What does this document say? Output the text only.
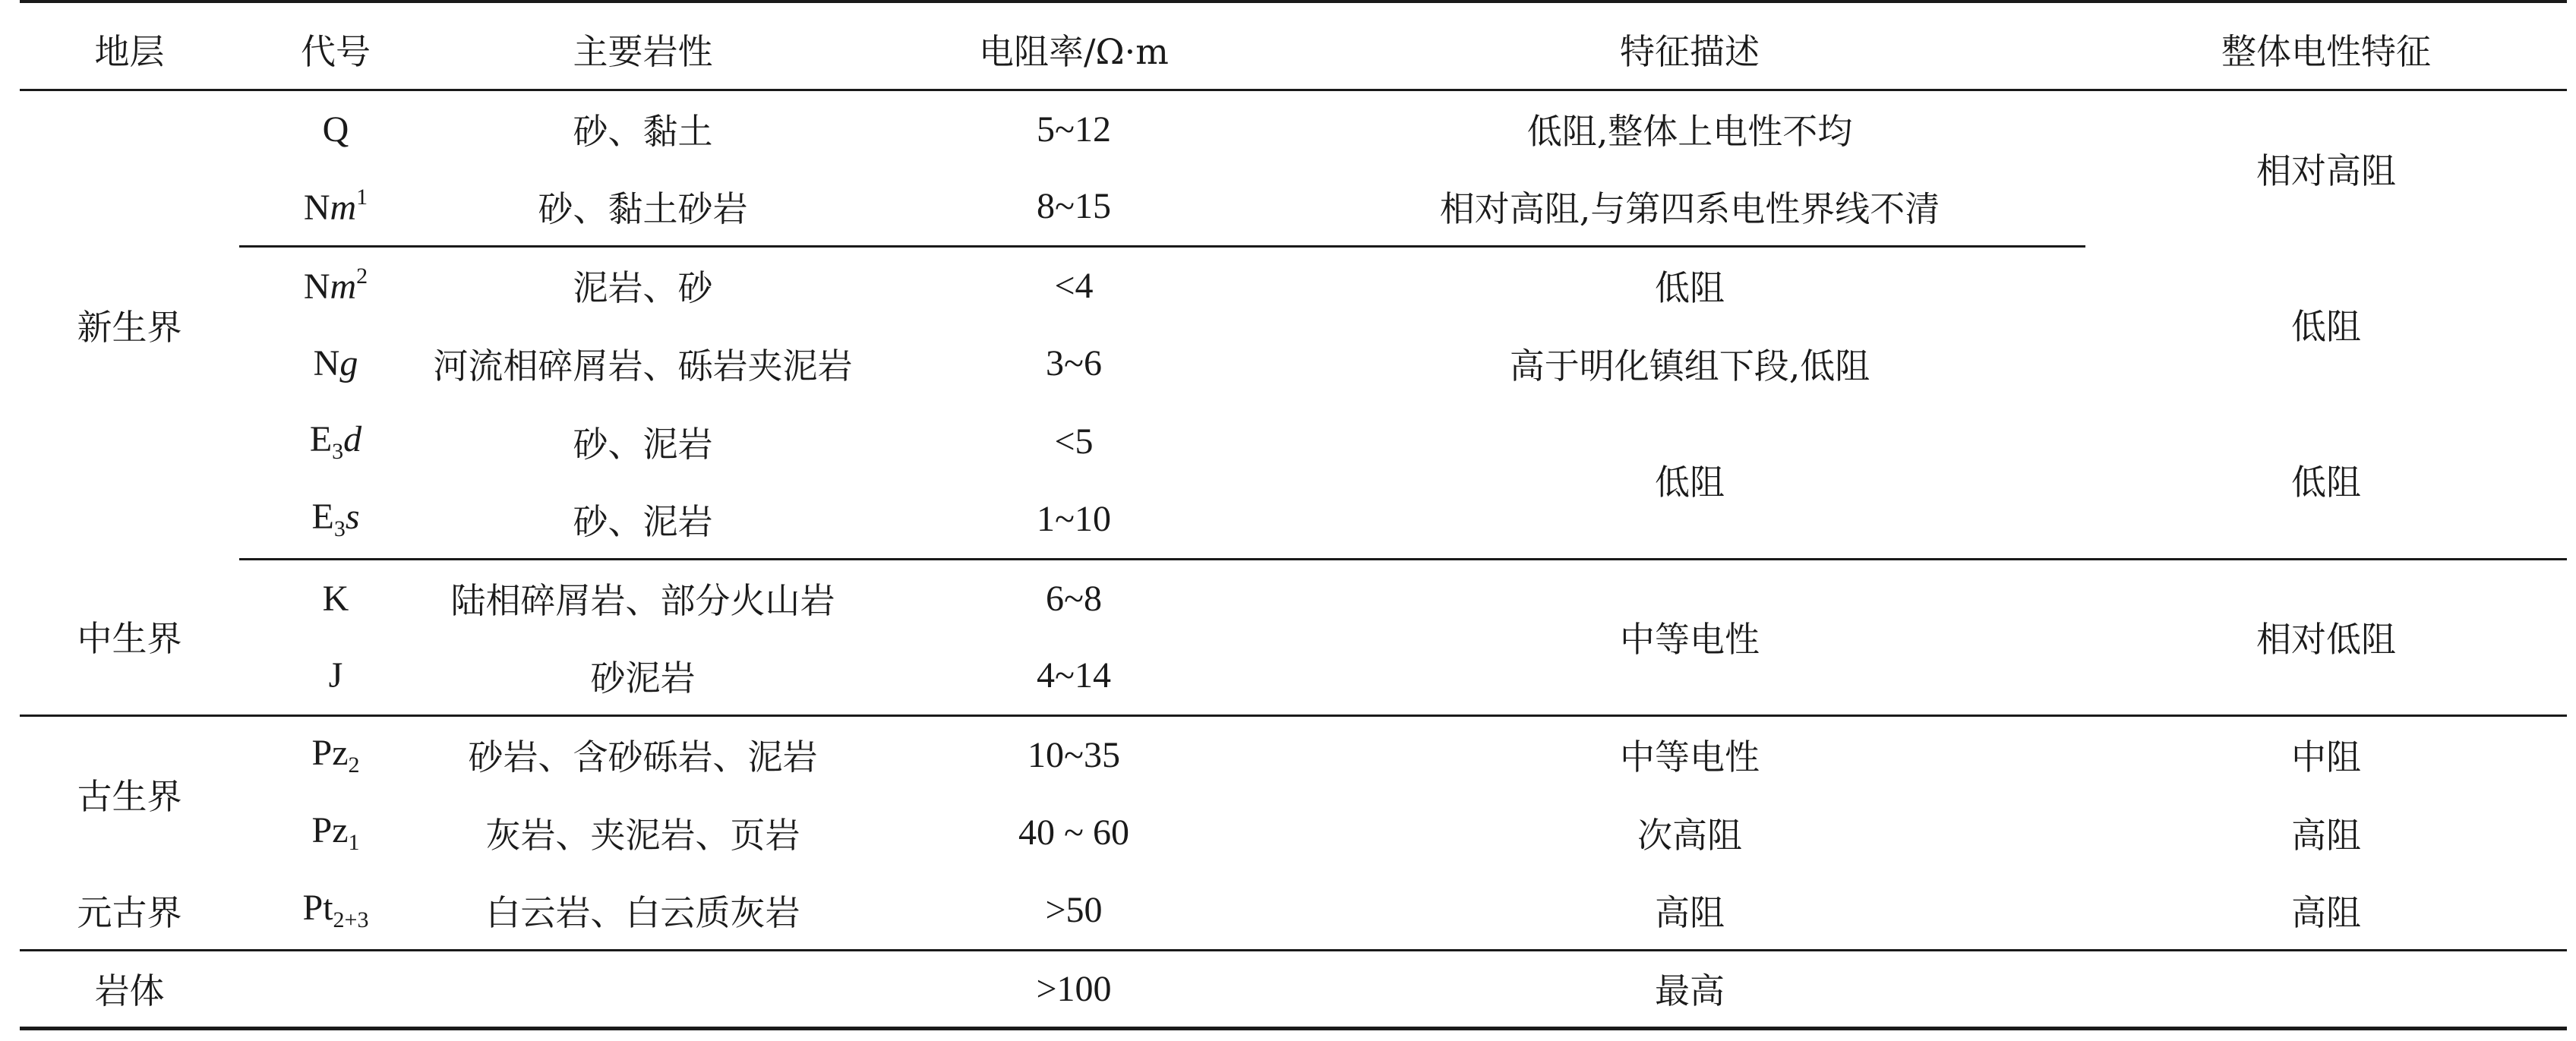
地层	代号	主要岩性	电阻率/Ω·m	特征描述	整体电性特征
新生界	Q	砂、黏土	5~12	低阻,整体上电性不均	相对高阻
	Nm$^1$	砂、黏土砂岩	8~15	相对高阻,与第四系电性界线不清	
	Nm$^2$	泥岩、砂	<4	低阻	低阻
	Ng	河流相碎屑岩、砾岩夹泥岩	3~6	高于明化镇组下段,低阻	
	$E_3d$	砂、泥岩	<5	低阻	低阻
	$E_3s$	砂、泥岩	1~10		
中生界	K	陆相碎屑岩、部分火山岩	6~8	中等电性	相对低阻
	J	砂泥岩	4~14		
古生界	$Pz_2$	砂岩、含砂砾岩、泥岩	10~35	中等电性	中阻
	$Pz_1$	灰岩、夹泥岩、页岩	40 ~ 60	次高阻	高阻
元古界	$Pt_{2+3}$	白云岩、白云质灰岩	>50	高阻	高阻
岩体			>100	最高	
